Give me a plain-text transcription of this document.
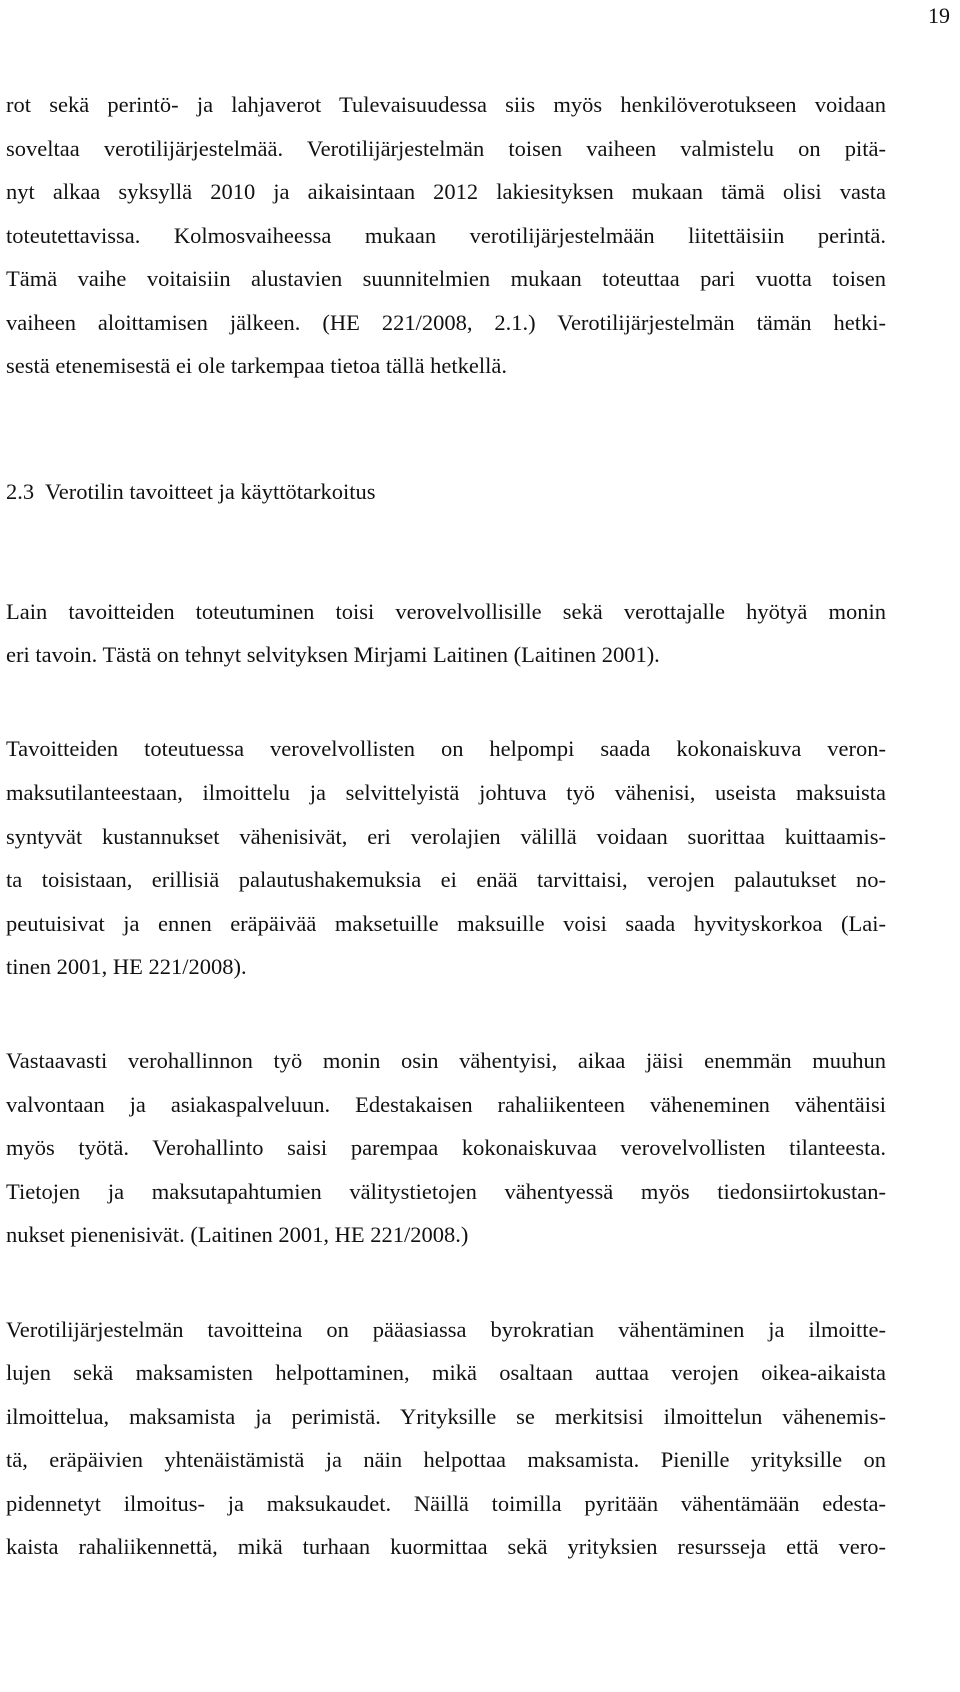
19
rot sekä perintö- ja lahjaverot Tulevaisuudessa siis myös henkilöverotukseen voidaan
soveltaa verotilijärjestelmää. Verotilijärjestelmän toisen vaiheen valmistelu on pitä-
nyt alkaa syksyllä 2010 ja aikaisintaan 2012 lakiesityksen mukaan tämä olisi vasta
toteutettavissa. Kolmosvaiheessa mukaan verotilijärjestelmään liitettäisiin perintä.
Tämä vaihe voitaisiin alustavien suunnitelmien mukaan toteuttaa pari vuotta toisen
vaiheen aloittamisen jälkeen. (HE 221/2008, 2.1.) Verotilijärjestelmän tämän hetki-
sestä etenemisestä ei ole tarkempaa tietoa tällä hetkellä.
2.3  Verotilin tavoitteet ja käyttötarkoitus
Lain tavoitteiden toteutuminen toisi verovelvollisille sekä verottajalle hyötyä monin
eri tavoin. Tästä on tehnyt selvityksen Mirjami Laitinen (Laitinen 2001).
Tavoitteiden toteutuessa verovelvollisten on helpompi saada kokonaiskuva veron-
maksutilanteestaan, ilmoittelu ja selvittelyistä johtuva työ vähenisi, useista maksuista
syntyvät kustannukset vähenisivät, eri verolajien välillä voidaan suorittaa kuittaamis-
ta toisistaan, erillisiä palautushakemuksia ei enää tarvittaisi, verojen palautukset no-
peutuisivat ja ennen eräpäivää maksetuille maksuille voisi saada hyvityskorkoa (Lai-
tinen 2001, HE 221/2008).
Vastaavasti verohallinnon työ monin osin vähentyisi, aikaa jäisi enemmän muuhun
valvontaan ja asiakaspalveluun. Edestakaisen rahaliikenteen väheneminen vähentäisi
myös työtä. Verohallinto saisi parempaa kokonaiskuvaa verovelvollisten tilanteesta.
Tietojen ja maksutapahtumien välitystietojen vähentyessä myös tiedonsiirtokustan-
nukset pienenisivät. (Laitinen 2001, HE 221/2008.)
Verotilijärjestelmän tavoitteina on pääasiassa byrokratian vähentäminen ja ilmoitte-
lujen sekä maksamisten helpottaminen, mikä osaltaan auttaa verojen oikea-aikaista
ilmoittelua, maksamista ja perimistä. Yrityksille se merkitsisi ilmoittelun vähenemis-
tä, eräpäivien yhtenäistämistä ja näin helpottaa maksamista. Pienille yrityksille on
pidennetyt ilmoitus- ja maksukaudet. Näillä toimilla pyritään vähentämään edesta-
kaista rahaliikennettä, mikä turhaan kuormittaa sekä yrityksien resursseja että vero-
